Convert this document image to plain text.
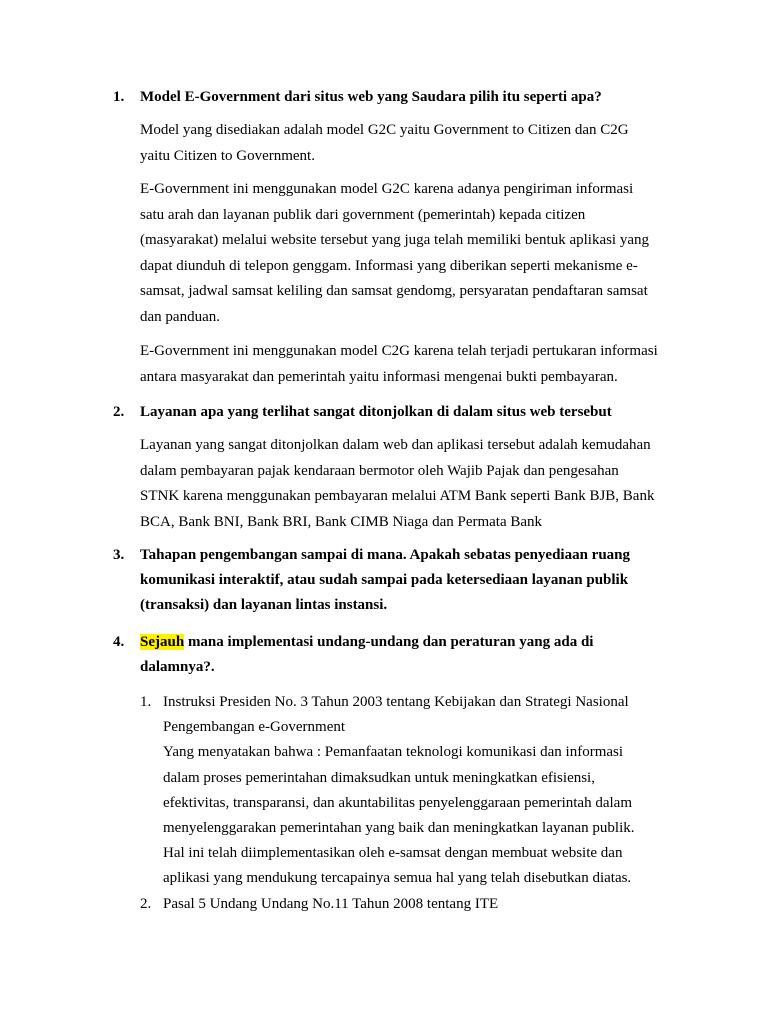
1. Model E-Government dari situs web yang Saudara pilih itu seperti apa?
Model yang disediakan adalah model G2C yaitu Government to Citizen dan C2G
yaitu Citizen to Government.
E-Government ini menggunakan model G2C karena adanya pengiriman informasi
satu arah dan layanan publik dari government (pemerintah) kepada citizen
(masyarakat) melalui website tersebut yang juga telah memiliki bentuk aplikasi yang
dapat diunduh di telepon genggam. Informasi yang diberikan seperti mekanisme e-
samsat, jadwal samsat keliling dan samsat gendomg, persyaratan pendaftaran samsat
dan panduan.
E-Government ini menggunakan model C2G karena telah terjadi pertukaran informasi
antara masyarakat dan pemerintah yaitu informasi mengenai bukti pembayaran.
2. Layanan apa yang terlihat sangat ditonjolkan di dalam situs web tersebut
Layanan yang sangat ditonjolkan dalam web dan aplikasi tersebut adalah kemudahan
dalam pembayaran pajak kendaraan bermotor oleh Wajib Pajak dan pengesahan
STNK karena menggunakan pembayaran melalui ATM Bank seperti Bank BJB, Bank
BCA, Bank BNI, Bank BRI, Bank CIMB Niaga dan Permata Bank
3. Tahapan pengembangan sampai di mana. Apakah sebatas penyediaan ruang
komunikasi interaktif, atau sudah sampai pada ketersediaan layanan publik
(transaksi) dan layanan lintas instansi.
4. Sejauh mana implementasi undang-undang dan peraturan yang ada di
dalamnya?.
1. Instruksi Presiden No. 3 Tahun 2003 tentang Kebijakan dan Strategi Nasional
Pengembangan e-Government
Yang menyatakan bahwa : Pemanfaatan teknologi komunikasi dan informasi
dalam proses pemerintahan dimaksudkan untuk meningkatkan efisiensi,
efektivitas, transparansi, dan akuntabilitas penyelenggaraan pemerintah dalam
menyelenggarakan pemerintahan yang baik dan meningkatkan layanan publik.
Hal ini telah diimplementasikan oleh e-samsat dengan membuat website dan
aplikasi yang mendukung tercapainya semua hal yang telah disebutkan diatas.
2. Pasal 5 Undang Undang No.11 Tahun 2008 tentang ITE
